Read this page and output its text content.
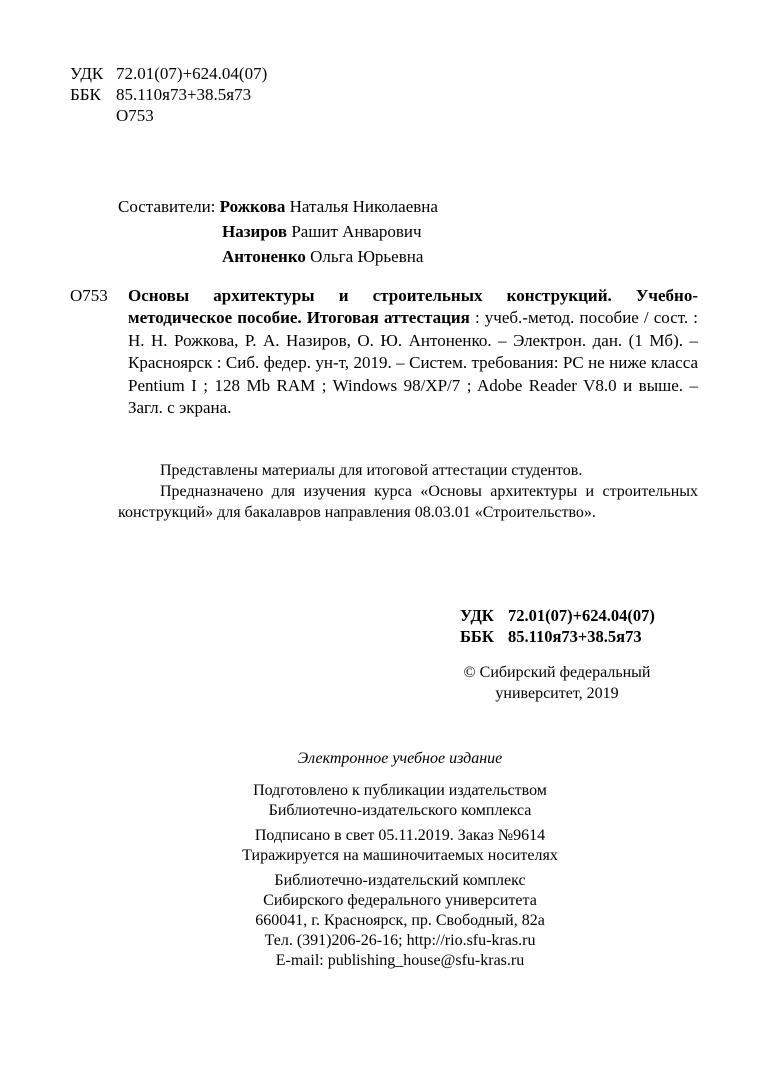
УДК 72.01(07)+624.04(07)
ББК 85.110я73+38.5я73
О753
Составители: Рожкова Наталья Николаевна
Назиров Рашит Анварович
Антоненко Ольга Юрьевна
О753	Основы архитектуры и строительных конструкций. Учебно-методическое пособие. Итоговая аттестация : учеб.-метод. пособие / сост. : Н. Н. Рожкова, Р. А. Назиров, О. Ю. Антоненко. – Электрон. дан. (1 Мб). – Красноярск : Сиб. федер. ун-т, 2019. – Систем. требования: PC не ниже класса Pentium I ; 128 Mb RAM ; Windows 98/XP/7 ; Adobe Reader V8.0 и выше. – Загл. с экрана.

Представлены материалы для итоговой аттестации студентов.

Предназначено для изучения курса «Основы архитектуры и строительных конструкций» для бакалавров направления 08.03.01 «Строительство».

УДК 72.01(07)+624.04(07)
ББК 85.110я73+38.5я73
© Сибирский федеральный
университет, 2019
Электронное учебное издание
Подготовлено к публикации издательством
Библиотечно-издательского комплекса
Подписано в свет 05.11.2019. Заказ №9614
Тиражируется на машиночитаемых носителях
Библиотечно-издательский комплекс
Сибирского федерального университета
660041, г. Красноярск, пр. Свободный, 82а
Тел. (391)206-26-16; http://rio.sfu-kras.ru
E-mail: publishing_house@sfu-kras.ru
